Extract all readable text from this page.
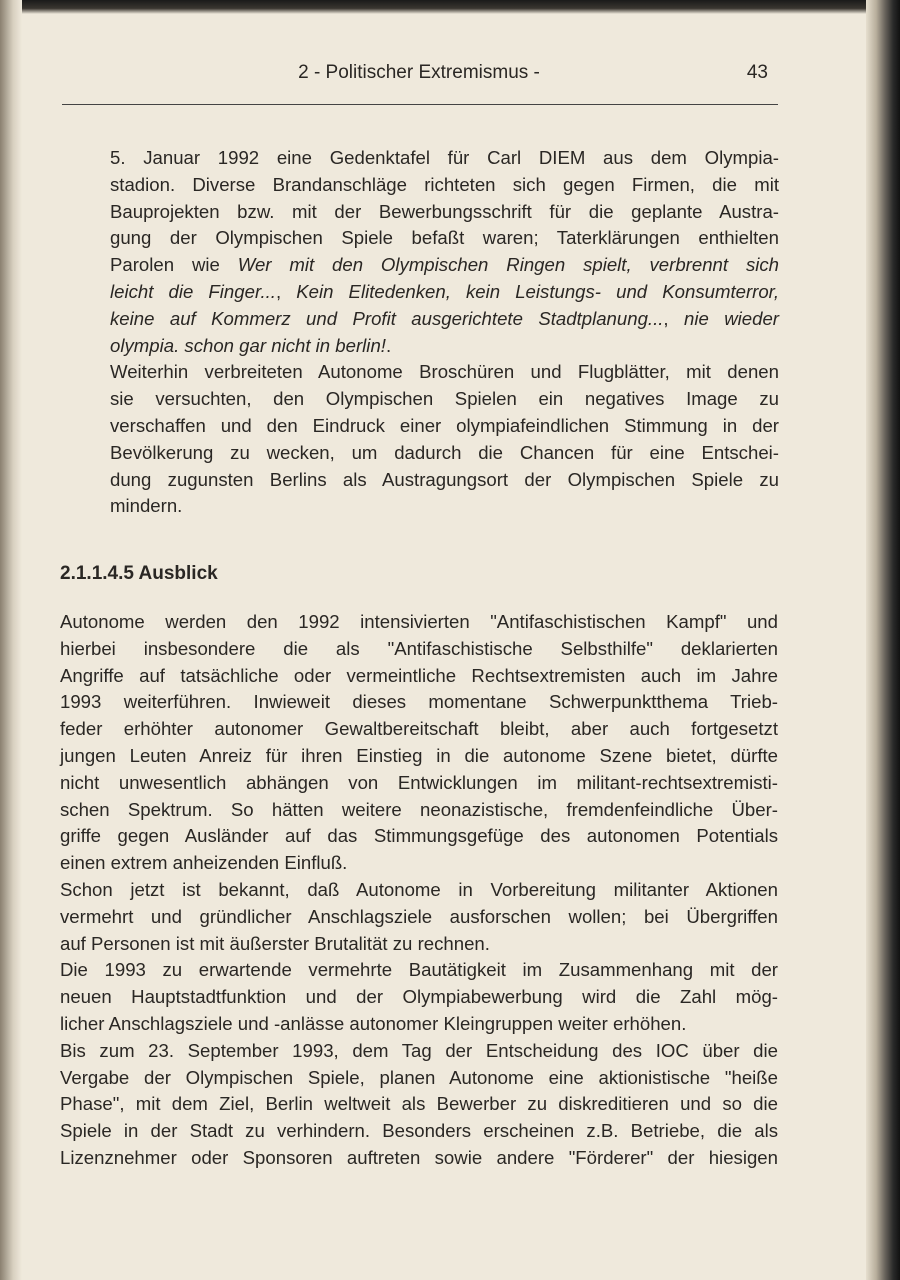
2 - Politischer Extremismus -	43
5. Januar 1992 eine Gedenktafel für Carl DIEM aus dem Olympia-
stadion. Diverse Brandanschläge richteten sich gegen Firmen, die mit
Bauprojekten bzw. mit der Bewerbungsschrift für die geplante Austra-
gung der Olympischen Spiele befaßt waren; Taterklärungen enthielten
Parolen wie Wer mit den Olympischen Ringen spielt, verbrennt sich
leicht die Finger..., Kein Elitedenken, kein Leistungs- und Konsumterror,
keine auf Kommerz und Profit ausgerichtete Stadtplanung..., nie wieder
olympia. schon gar nicht in berlin!.
Weiterhin verbreiteten Autonome Broschüren und Flugblätter, mit denen
sie versuchten, den Olympischen Spielen ein negatives Image zu
verschaffen und den Eindruck einer olympiafeindlichen Stimmung in der
Bevölkerung zu wecken, um dadurch die Chancen für eine Entschei-
dung zugunsten Berlins als Austragungsort der Olympischen Spiele zu
mindern.
2.1.1.4.5 Ausblick
Autonome werden den 1992 intensivierten "Antifaschistischen Kampf" und
hierbei insbesondere die als "Antifaschistische Selbsthilfe" deklarierten
Angriffe auf tatsächliche oder vermeintliche Rechtsextremisten auch im Jahre
1993 weiterführen. Inwieweit dieses momentane Schwerpunktthema Trieb-
feder erhöhter autonomer Gewaltbereitschaft bleibt, aber auch fortgesetzt
jungen Leuten Anreiz für ihren Einstieg in die autonome Szene bietet, dürfte
nicht unwesentlich abhängen von Entwicklungen im militant-rechtsextremisti-
schen Spektrum. So hätten weitere neonazistische, fremdenfeindliche Über-
griffe gegen Ausländer auf das Stimmungsgefüge des autonomen Potentials
einen extrem anheizenden Einfluß.
Schon jetzt ist bekannt, daß Autonome in Vorbereitung militanter Aktionen
vermehrt und gründlicher Anschlagsziele ausforschen wollen; bei Übergriffen
auf Personen ist mit äußerster Brutalität zu rechnen.
Die 1993 zu erwartende vermehrte Bautätigkeit im Zusammenhang mit der
neuen Hauptstadtfunktion und der Olympiabewerbung wird die Zahl mög-
licher Anschlagsziele und -anlässe autonomer Kleingruppen weiter erhöhen.
Bis zum 23. September 1993, dem Tag der Entscheidung des IOC über die
Vergabe der Olympischen Spiele, planen Autonome eine aktionistische "heiße
Phase", mit dem Ziel, Berlin weltweit als Bewerber zu diskreditieren und so die
Spiele in der Stadt zu verhindern. Besonders erscheinen z.B. Betriebe, die als
Lizenznehmer oder Sponsoren auftreten sowie andere "Förderer" der hiesigen
